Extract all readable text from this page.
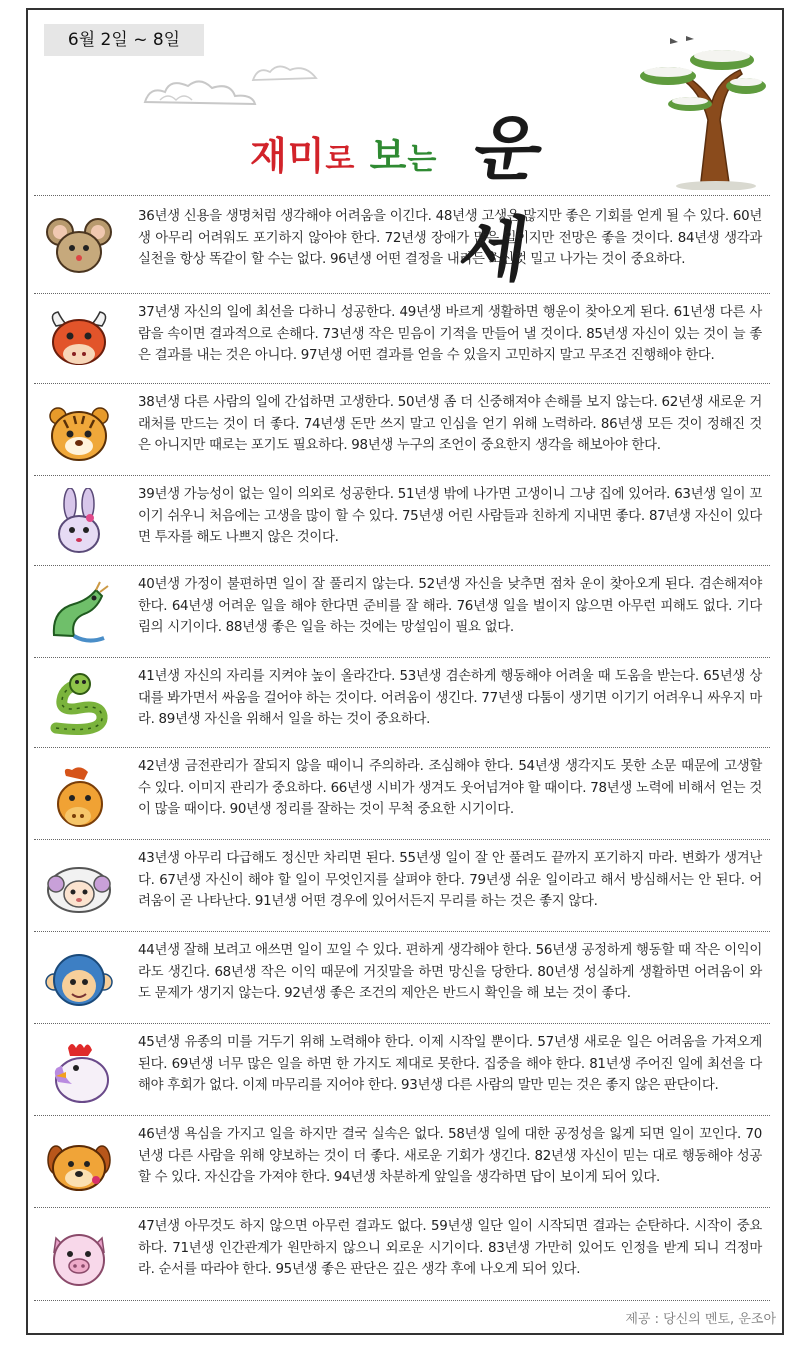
6월 2일 ~ 8일
재미로 보는 운세
36년생 신용을 생명처럼 생각해야 어려움을 이긴다. 48년생 고생은 많지만 좋은 기회를 얻게 될 수 있다. 60년생 아무리 어려워도 포기하지 않아야 한다. 72년생 장애가 많은 일이지만 전망은 좋을 것이다. 84년생 생각과 실천을 항상 똑같이 할 수는 없다. 96년생 어떤 결정을 내리든 소신껏 밀고 나가는 것이 중요하다.
37년생 자신의 일에 최선을 다하니 성공한다. 49년생 바르게 생활하면 행운이 찾아오게 된다. 61년생 다른 사람을 속이면 결과적으로 손해다. 73년생 작은 믿음이 기적을 만들어 낼 것이다. 85년생 자신이 있는 것이 늘 좋은 결과를 내는 것은 아니다. 97년생 어떤 결과를 얻을 수 있을지 고민하지 말고 무조건 진행해야 한다.
38년생 다른 사람의 일에 간섭하면 고생한다. 50년생 좀 더 신중해져야 손해를 보지 않는다. 62년생 새로운 거래처를 만드는 것이 더 좋다. 74년생 돈만 쓰지 말고 인심을 얻기 위해 노력하라. 86년생 모든 것이 정해진 것은 아니지만 때로는 포기도 필요하다. 98년생 누구의 조언이 중요한지 생각을 해보아야 한다.
39년생 가능성이 없는 일이 의외로 성공한다. 51년생 밖에 나가면 고생이니 그냥 집에 있어라. 63년생 일이 꼬이기 쉬우니 처음에는 고생을 많이 할 수 있다. 75년생 어린 사람들과 친하게 지내면 좋다. 87년생 자신이 있다면 투자를 해도 나쁘지 않은 것이다.
40년생 가정이 불편하면 일이 잘 풀리지 않는다. 52년생 자신을 낮추면 점차 운이 찾아오게 된다. 겸손해져야 한다. 64년생 어려운 일을 해야 한다면 준비를 잘 해라. 76년생 일을 벌이지 않으면 아무런 피해도 없다. 기다림의 시기이다. 88년생 좋은 일을 하는 것에는 망설임이 필요 없다.
41년생 자신의 자리를 지켜야 높이 올라간다. 53년생 겸손하게 행동해야 어려울 때 도움을 받는다. 65년생 상대를 봐가면서 싸움을 걸어야 하는 것이다. 어려움이 생긴다. 77년생 다툼이 생기면 이기기 어려우니 싸우지 마라. 89년생 자신을 위해서 일을 하는 것이 중요하다.
42년생 금전관리가 잘되지 않을 때이니 주의하라. 조심해야 한다. 54년생 생각지도 못한 소문 때문에 고생할 수 있다. 이미지 관리가 중요하다. 66년생 시비가 생겨도 웃어넘겨야 할 때이다. 78년생 노력에 비해서 얻는 것이 많을 때이다. 90년생 정리를 잘하는 것이 무척 중요한 시기이다.
43년생 아무리 다급해도 정신만 차리면 된다. 55년생 일이 잘 안 풀려도 끝까지 포기하지 마라. 변화가 생겨난다. 67년생 자신이 해야 할 일이 무엇인지를 살펴야 한다. 79년생 쉬운 일이라고 해서 방심해서는 안 된다. 어려움이 곧 나타난다. 91년생 어떤 경우에 있어서든지 무리를 하는 것은 좋지 않다.
44년생 잘해 보려고 애쓰면 일이 꼬일 수 있다. 편하게 생각해야 한다. 56년생 공정하게 행동할 때 작은 이익이라도 생긴다. 68년생 작은 이익 때문에 거짓말을 하면 망신을 당한다. 80년생 성실하게 생활하면 어려움이 와도 문제가 생기지 않는다. 92년생 좋은 조건의 제안은 반드시 확인을 해 보는 것이 좋다.
45년생 유종의 미를 거두기 위해 노력해야 한다. 이제 시작일 뿐이다. 57년생 새로운 일은 어려움을 가져오게 된다. 69년생 너무 많은 일을 하면 한 가지도 제대로 못한다. 집중을 해야 한다. 81년생 주어진 일에 최선을 다해야 후회가 없다. 이제 마무리를 지어야 한다. 93년생 다른 사람의 말만 믿는 것은 좋지 않은 판단이다.
46년생 욕심을 가지고 일을 하지만 결국 실속은 없다. 58년생 일에 대한 공정성을 잃게 되면 일이 꼬인다. 70년생 다른 사람을 위해 양보하는 것이 더 좋다. 새로운 기회가 생긴다. 82년생 자신이 믿는 대로 행동해야 성공할 수 있다. 자신감을 가져야 한다. 94년생 차분하게 앞일을 생각하면 답이 보이게 되어 있다.
47년생 아무것도 하지 않으면 아무런 결과도 없다. 59년생 일단 일이 시작되면 결과는 순탄하다. 시작이 중요하다. 71년생 인간관계가 원만하지 않으니 외로운 시기이다. 83년생 가만히 있어도 인정을 받게 되니 걱정마라. 순서를 따라야 한다. 95년생 좋은 판단은 깊은 생각 후에 나오게 되어 있다.
제공 : 당신의 멘토, 운조아
